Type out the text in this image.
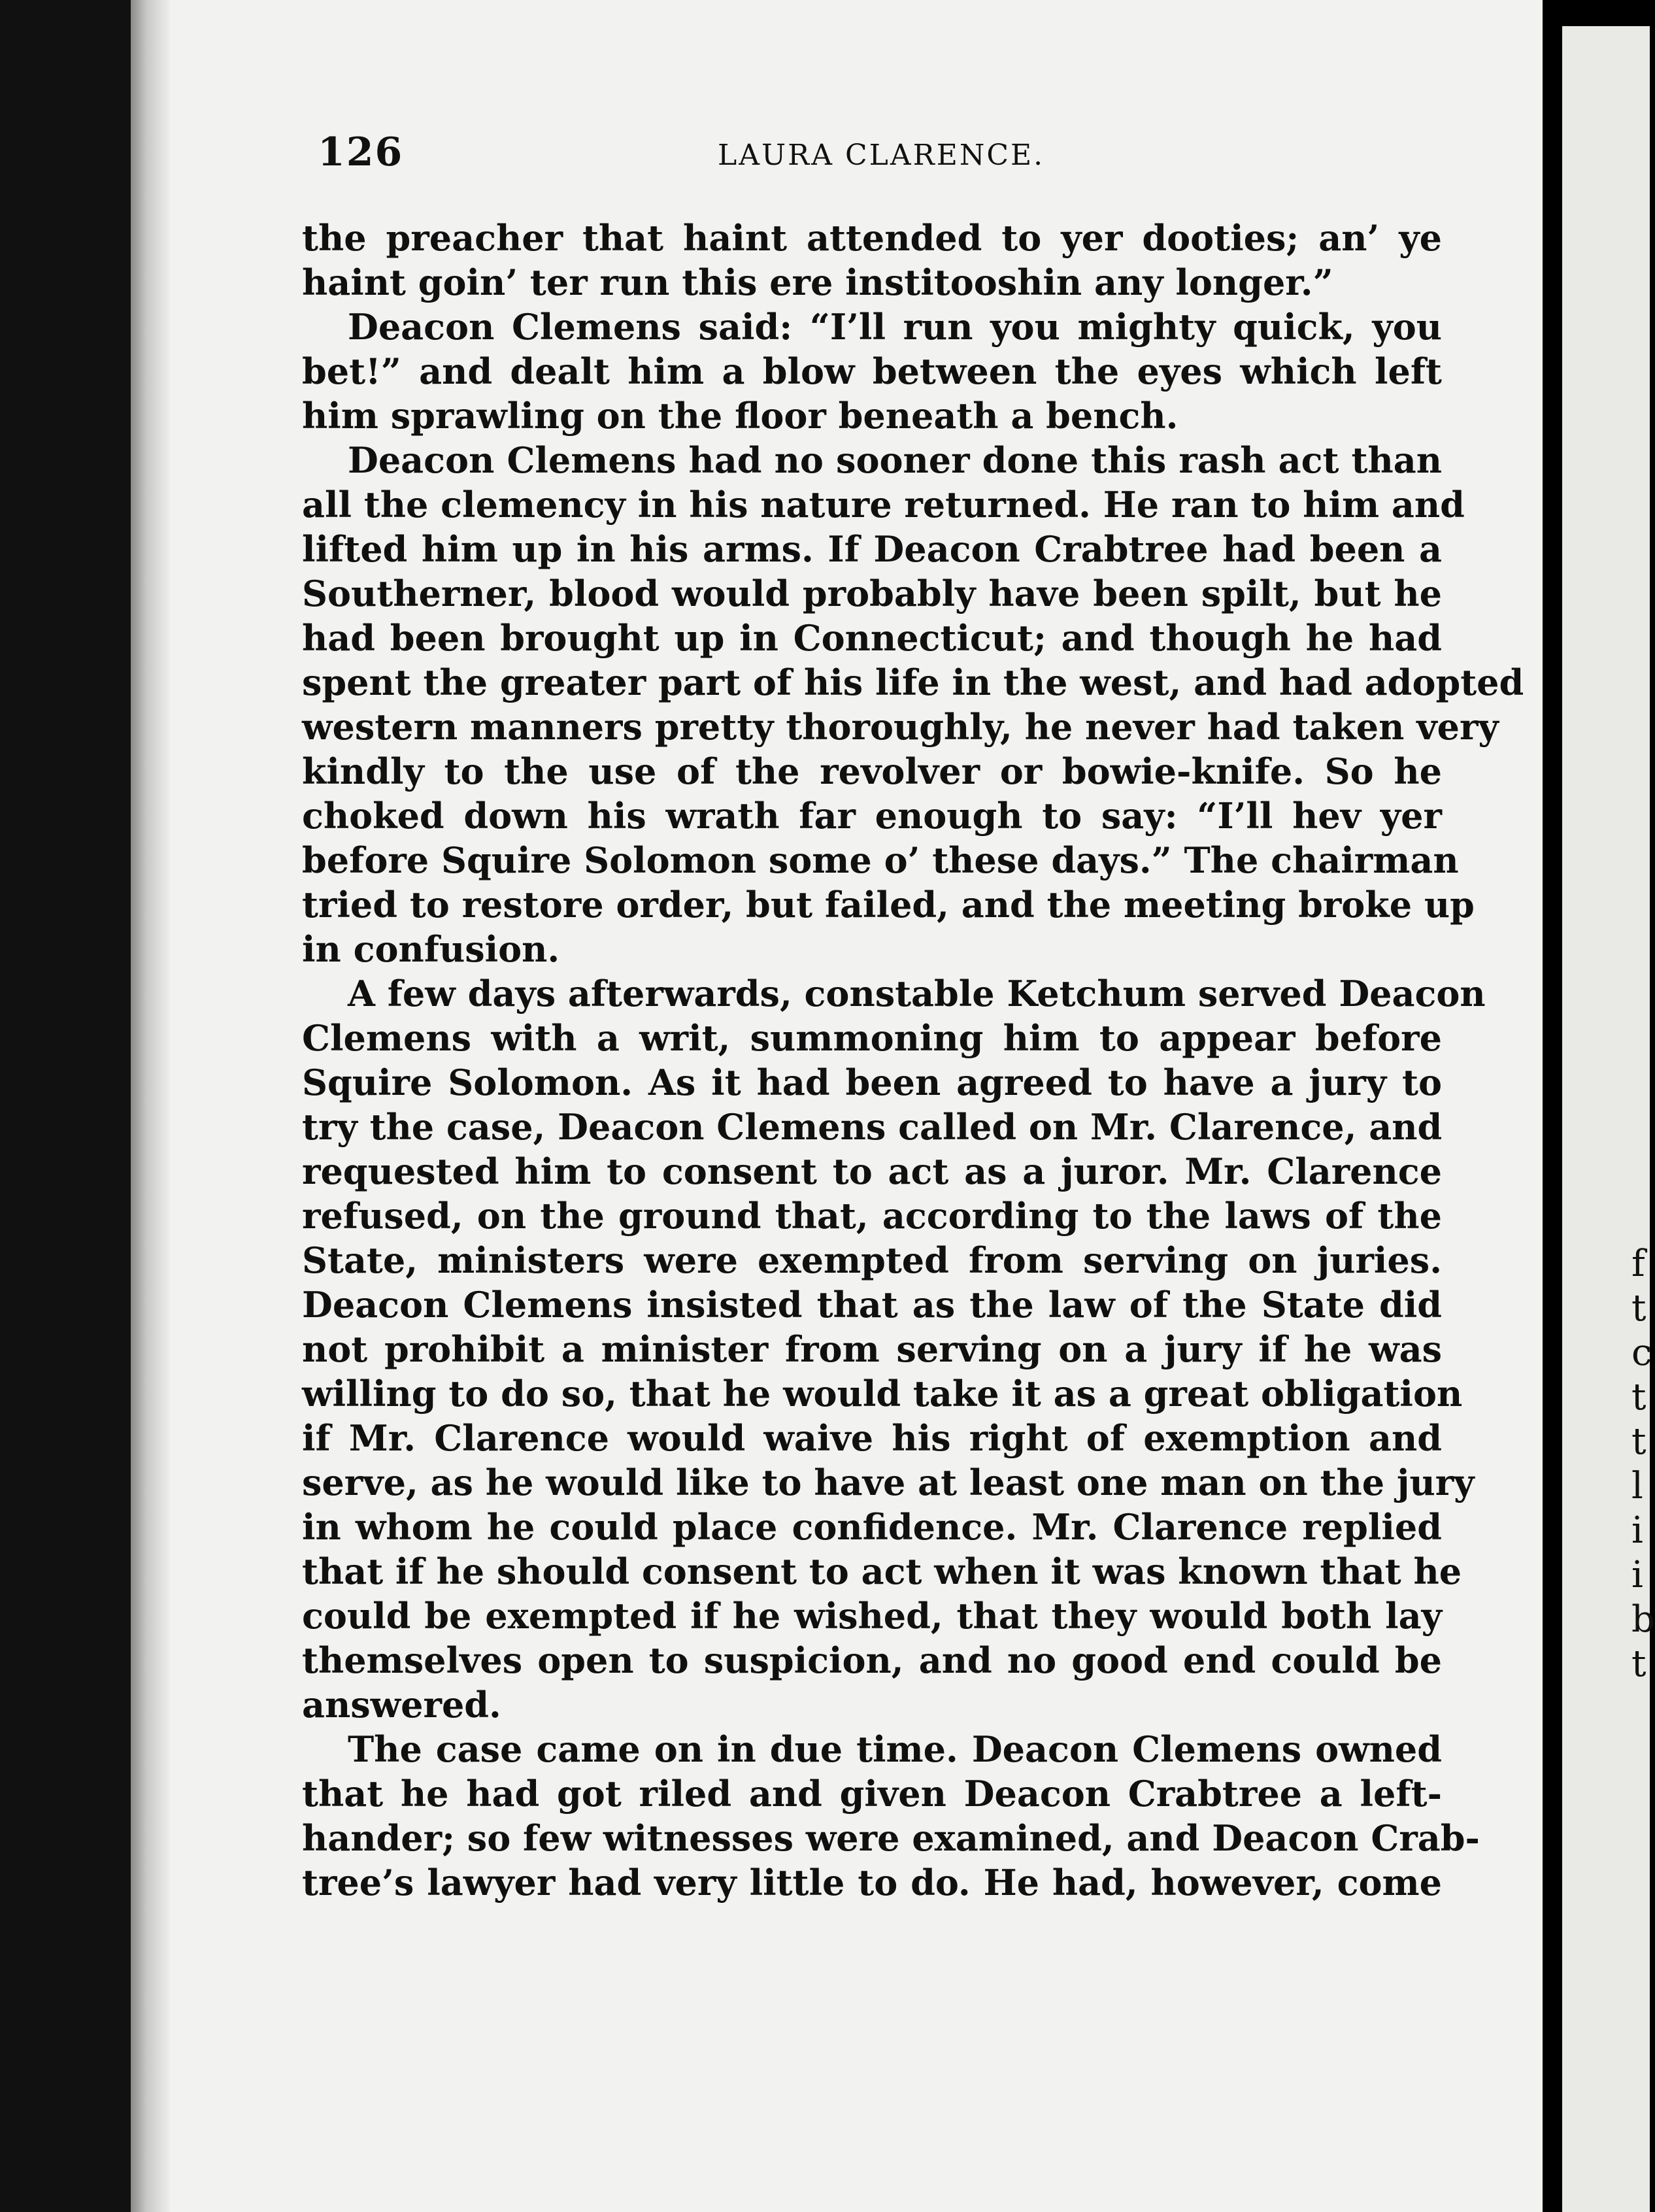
f
t
c
t
t
l
i
i
b
t
126	LAURA CLARENCE.
the preacher that haint attended to yer dooties; an’ ye
haint goin’ ter run this ere institooshin any longer.”
Deacon Clemens said: “I’ll run you mighty quick, you
bet!” and dealt him a blow between the eyes which left
him sprawling on the floor beneath a bench.
Deacon Clemens had no sooner done this rash act than
all the clemency in his nature returned. He ran to him and
lifted him up in his arms. If Deacon Crabtree had been a
Southerner, blood would probably have been spilt, but he
had been brought up in Connecticut; and though he had
spent the greater part of his life in the west, and had adopted
western manners pretty thoroughly, he never had taken very
kindly to the use of the revolver or bowie-knife. So he
choked down his wrath far enough to say: “I’ll hev yer
before Squire Solomon some o’ these days.” The chairman
tried to restore order, but failed, and the meeting broke up
in confusion.
A few days afterwards, constable Ketchum served Deacon
Clemens with a writ, summoning him to appear before
Squire Solomon. As it had been agreed to have a jury to
try the case, Deacon Clemens called on Mr. Clarence, and
requested him to consent to act as a juror. Mr. Clarence
refused, on the ground that, according to the laws of the
State, ministers were exempted from serving on juries.
Deacon Clemens insisted that as the law of the State did
not prohibit a minister from serving on a jury if he was
willing to do so, that he would take it as a great obligation
if Mr. Clarence would waive his right of exemption and
serve, as he would like to have at least one man on the jury
in whom he could place confidence. Mr. Clarence replied
that if he should consent to act when it was known that he
could be exempted if he wished, that they would both lay
themselves open to suspicion, and no good end could be
answered.
The case came on in due time. Deacon Clemens owned
that he had got riled and given Deacon Crabtree a left-
hander; so few witnesses were examined, and Deacon Crab-
tree’s lawyer had very little to do. He had, however, come
